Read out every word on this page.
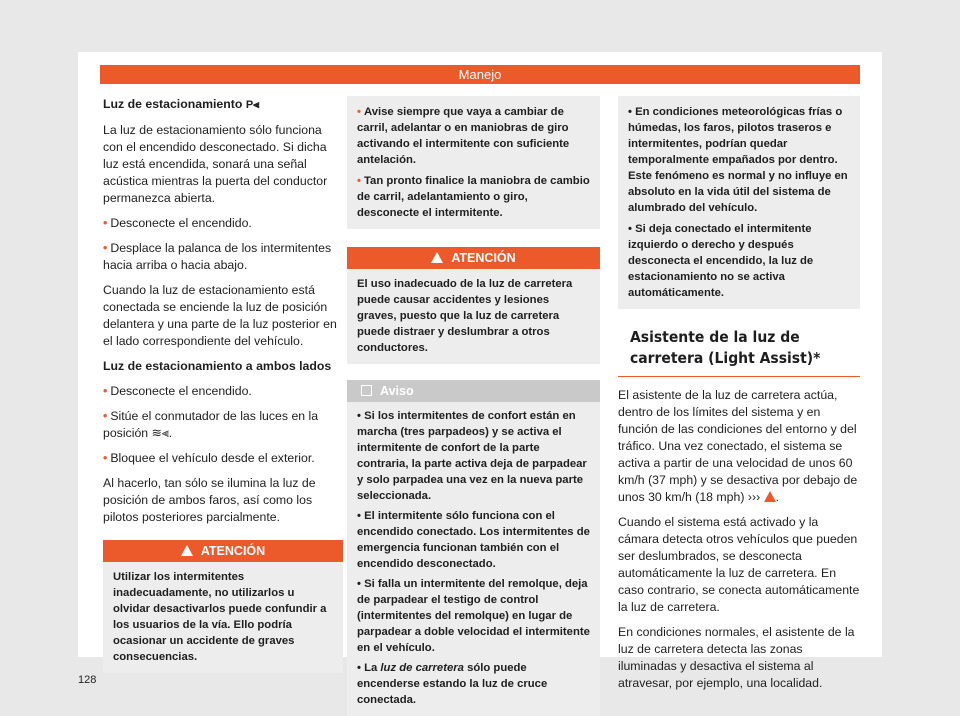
Manejo

Luz de estacionamiento P⫷

La luz de estacionamiento sólo funciona con el encendido desconectado. Si dicha luz está encendida, sonará una señal acústica mientras la puerta del conductor permanezca abierta.

• Desconecte el encendido.

• Desplace la palanca de los intermitentes hacia arriba o hacia abajo.

Cuando la luz de estacionamiento está conectada se enciende la luz de posición delantera y una parte de la luz posterior en el lado correspondiente del vehículo.

Luz de estacionamiento a ambos lados

• Desconecte el encendido.

• Sitúe el conmutador de las luces en la posición ≋⫷.

• Bloquee el vehículo desde el exterior.

Al hacerlo, tan sólo se ilumina la luz de posición de ambos faros, así como los pilotos posteriores parcialmente.

ATENCIÓN
Utilizar los intermitentes inadecuadamente, no utilizarlos u olvidar desactivarlos puede confundir a los usuarios de la vía. Ello podría ocasionar un accidente de graves consecuencias.

• Avise siempre que vaya a cambiar de carril, adelantar o en maniobras de giro activando el intermitente con suficiente antelación.

• Tan pronto finalice la maniobra de cambio de carril, adelantamiento o giro, desconecte el intermitente.

ATENCIÓN
El uso inadecuado de la luz de carretera puede causar accidentes y lesiones graves, puesto que la luz de carretera puede distraer y deslumbrar a otros conductores.
Aviso

• Si los intermitentes de confort están en marcha (tres parpadeos) y se activa el intermitente de confort de la parte contraria, la parte activa deja de parpadear y solo parpadea una vez en la nueva parte seleccionada.

• El intermitente sólo funciona con el encendido conectado. Los intermitentes de emergencia funcionan también con el encendido desconectado.

• Si falla un intermitente del remolque, deja de parpadear el testigo de control (intermitentes del remolque) en lugar de parpadear a doble velocidad el intermitente en el vehículo.

• La luz de carretera sólo puede encenderse estando la luz de cruce conectada.

• En condiciones meteorológicas frías o húmedas, los faros, pilotos traseros e intermitentes, podrían quedar temporalmente empañados por dentro. Este fenómeno es normal y no influye en absoluto en la vida útil del sistema de alumbrado del vehículo.

• Si deja conectado el intermitente izquierdo o derecho y después desconecta el encendido, la luz de estacionamiento no se activa automáticamente.

Asistente de la luz de carretera (Light Assist)*

El asistente de la luz de carretera actúa, dentro de los límites del sistema y en función de las condiciones del entorno y del tráfico. Una vez conectado, el sistema se activa a partir de una velocidad de unos 60 km/h (37 mph) y se desactiva por debajo de unos 30 km/h (18 mph) ››› .

Cuando el sistema está activado y la cámara detecta otros vehículos que pueden ser deslumbrados, se desconecta automáticamente la luz de carretera. En caso contrario, se conecta automáticamente la luz de carretera.

En condiciones normales, el asistente de la luz de carretera detecta las zonas iluminadas y desactiva el sistema al atravesar, por ejemplo, una localidad.

128
